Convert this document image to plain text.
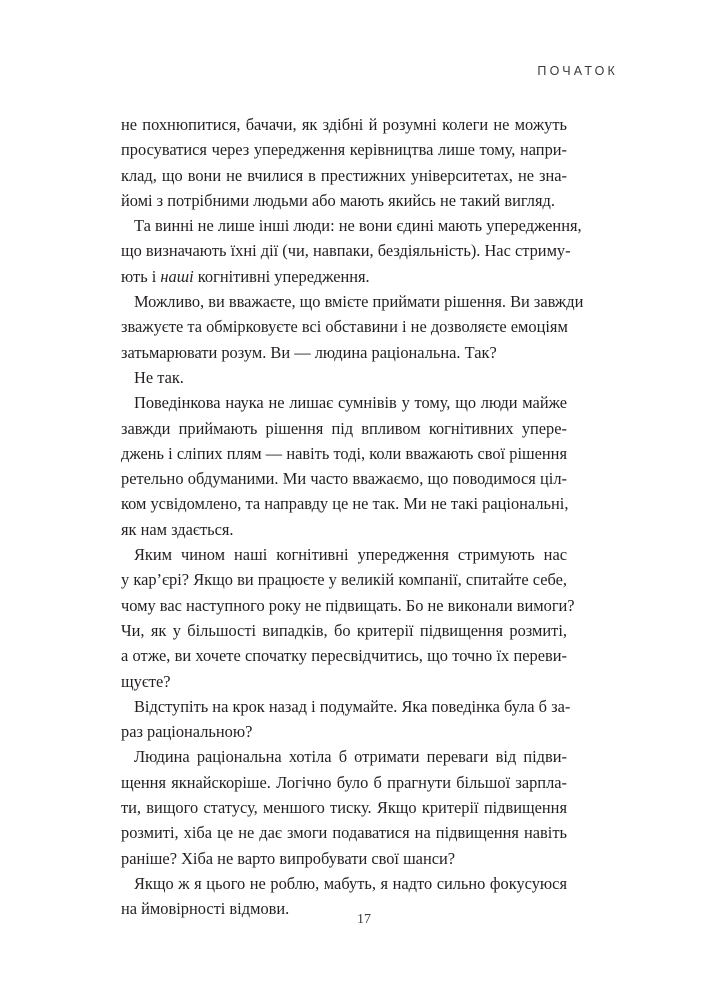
ПОЧАТОК
не похнюпитися, бачачи, як здібні й розумні колеги не можуть
просуватися через упередження керівництва лише тому, напри-
клад, що вони не вчилися в престижних університетах, не зна-
йомі з потрібними людьми або мають якийсь не такий вигляд.
Та винні не лише інші люди: не вони єдині мають упередження,
що визначають їхні дії (чи, навпаки, бездіяльність). Нас стриму-
ють і наші когнітивні упередження.
Можливо, ви вважаєте, що вмієте приймати рішення. Ви завжди
зважуєте та обмірковуєте всі обставини і не дозволяєте емоціям
затьмарювати розум. Ви — людина раціональна. Так?
Не так.
Поведінкова наука не лишає сумнівів у тому, що люди майже
завжди приймають рішення під впливом когнітивних упере-
джень і сліпих плям — навіть тоді, коли вважають свої рішення
ретельно обдуманими. Ми часто вважаємо, що поводимося ціл-
ком усвідомлено, та направду це не так. Ми не такі раціональні,
як нам здається.
Яким чином наші когнітивні упередження стримують нас
у кар’єрі? Якщо ви працюєте у великій компанії, спитайте себе,
чому вас наступного року не підвищать. Бо не виконали вимоги?
Чи, як у більшості випадків, бо критерії підвищення розмиті,
а отже, ви хочете спочатку пересвідчитись, що точно їх переви-
щуєте?
Відступіть на крок назад і подумайте. Яка поведінка була б за-
раз раціональною?
Людина раціональна хотіла б отримати переваги від підви-
щення якнайскоріше. Логічно було б прагнути більшої зарпла-
ти, вищого статусу, меншого тиску. Якщо критерії підвищення
розмиті, хіба це не дає змоги подаватися на підвищення навіть
раніше? Хіба не варто випробувати свої шанси?
Якщо ж я цього не роблю, мабуть, я надто сильно фокусуюся
на ймовірності відмови.
17
